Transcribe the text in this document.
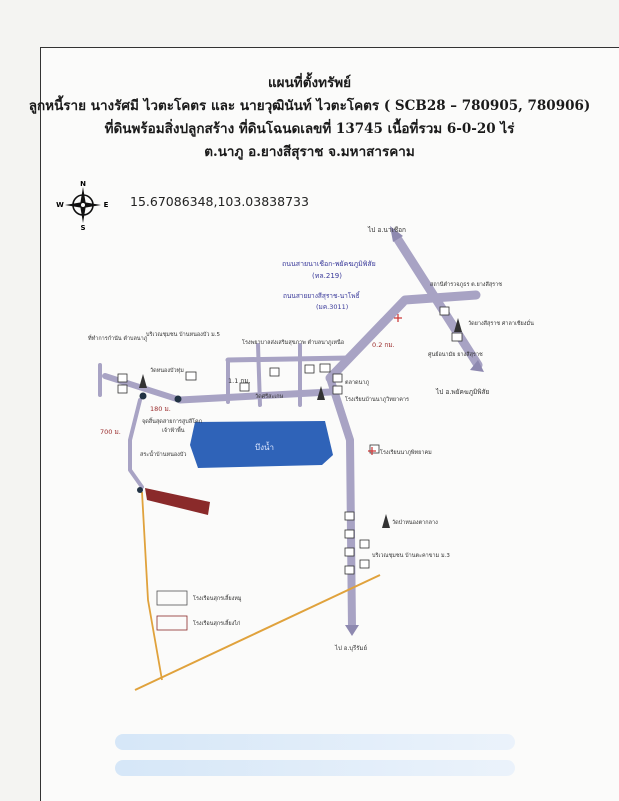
แผนที่ตั้งทรัพย์
ลูกหนี้ราย นางรัศมี ไวตะโคตร และ นายวุฒินันท์ ไวตะโคตร ( SCB28 – 780905, 780906)
ที่ดินพร้อมสิ่งปลูกสร้าง ที่ดินโฉนดเลขที่ 13745 เนื้อที่รวม 6-0-20 ไร่
ต.นาภู อ.ยางสีสุราช จ.มหาสารคาม
N
S
E
W	15.67086348,103.03838733
บึงน้ำ
ไป อ.นาเชือก
ถนนสายนาเชือก-พยัคฆภูมิพิสัย
(ทล.219)
ถนนสายยางสีสุราช-นาโพธิ์
(มค.3011)
0.2 กม.
1.1 กม.
180 ม.
700 ม.
สถานีตำรวจภูธร ต.ยางสีสุราช
วัดยางสีสุราช ศาลาเชียงมั่น
ศูนย์อนามัย ยางสีสุราช
ไป อ.พยัคฆภูมิพิสัย
โรงพยาบาลส่งเสริมสุขภาพ ตำบลนาภูเหนือ
ที่ทำการกำนัน ตำบลนาภู
บริเวณชุมชน บ้านหนองบัว ม.5
วัดหนองบัวทุ่ม
ตลาดนาภู
วัดศรีสะเกษ	โรงเรียนบ้านนาภูวิทยาคาร
จุดสิ้นสุดสายการสูบลีโคก
เจ้าฟ้าพื้น
สระน้ำบ้านหนองบัว	โรงเรียนนาภูพิทยาคม
วัดป่าหนองตากลาง
บริเวณชุมชน บ้านตะคาขาม ม.3
ไป อ.บุรีรัมย์
โรงเรือนสุกรเลี้ยงหมู
โรงเรือนสุกรเลี้ยงไก่
